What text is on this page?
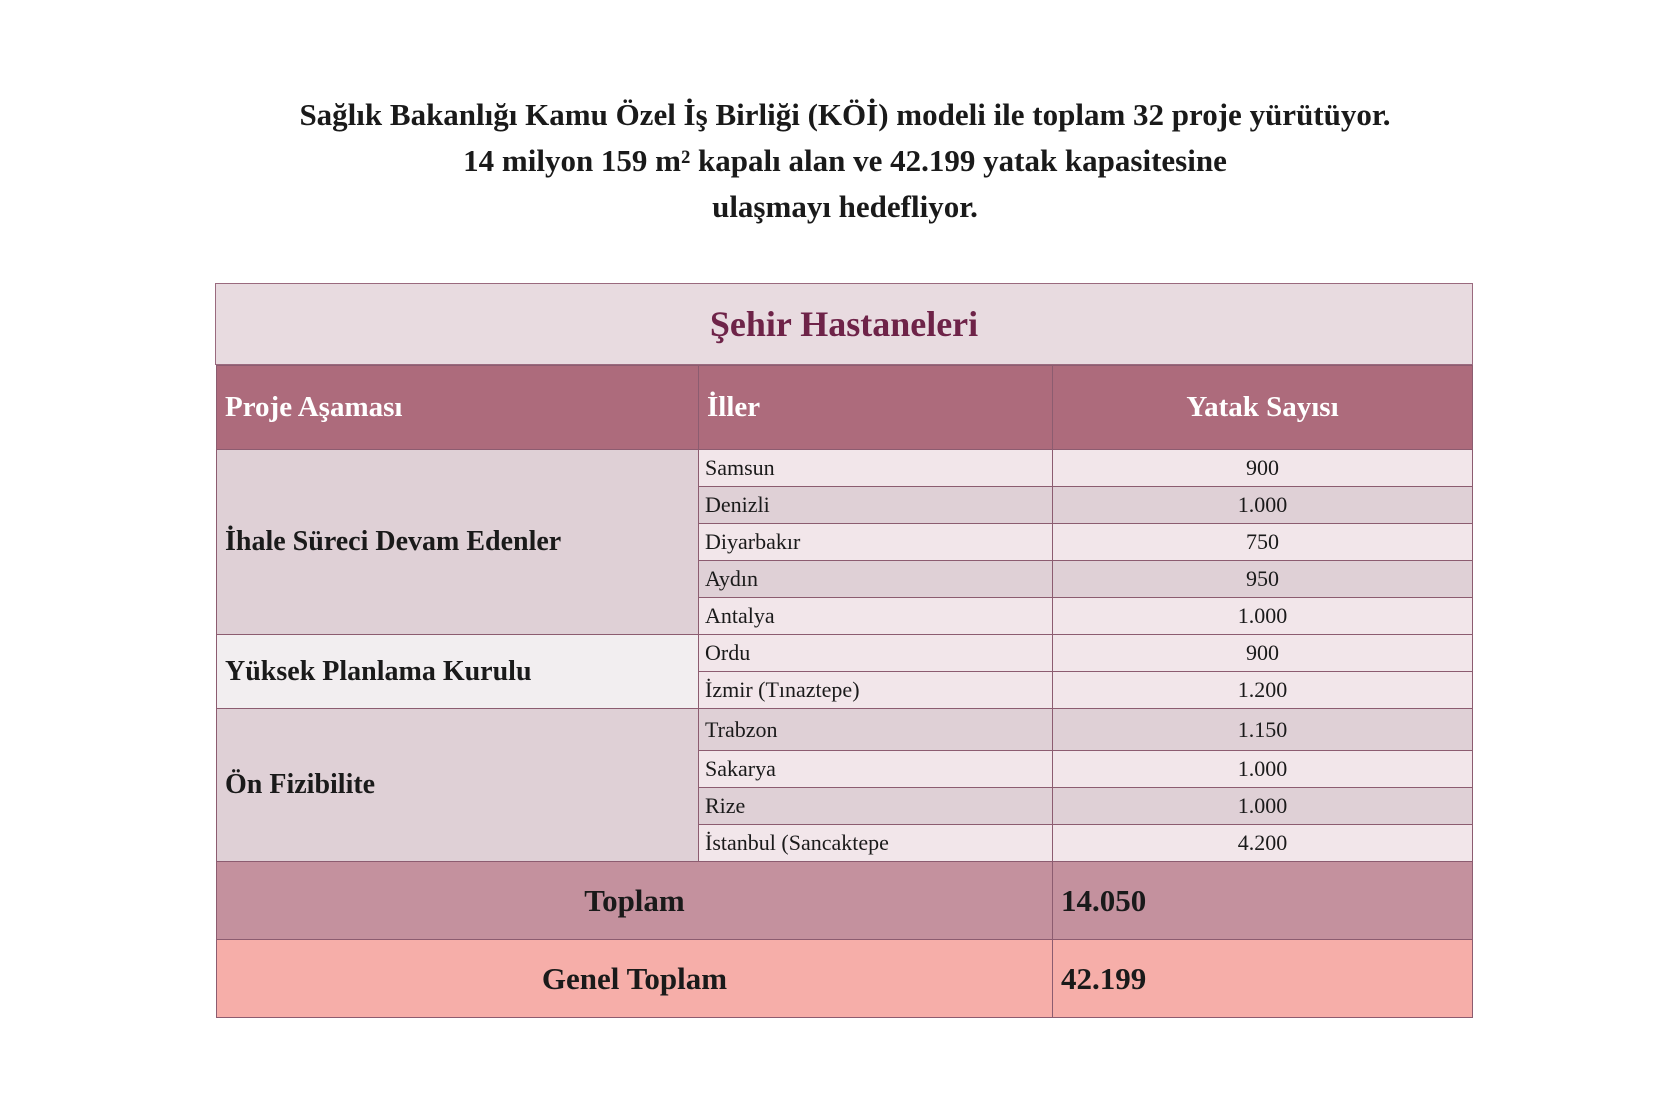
Sağlık Bakanlığı Kamu Özel İş Birliği (KÖİ) modeli ile toplam 32 proje yürütüyor.
14 milyon 159 m² kapalı alan ve 42.199 yatak kapasitesine
ulaşmayı hedefliyor.
Şehir Hastaneleri
Proje Aşaması	İller	Yatak Sayısı
İhale Süreci Devam Edenler	Samsun	900
	Denizli	1.000
	Diyarbakır	750
	Aydın	950
	Antalya	1.000
Yüksek Planlama Kurulu	Ordu	900
	İzmir (Tınaztepe)	1.200
Ön Fizibilite	Trabzon	1.150
	Sakarya	1.000
	Rize	1.000
	İstanbul (Sancaktepe	4.200
Toplam		14.050
Genel Toplam		42.199
